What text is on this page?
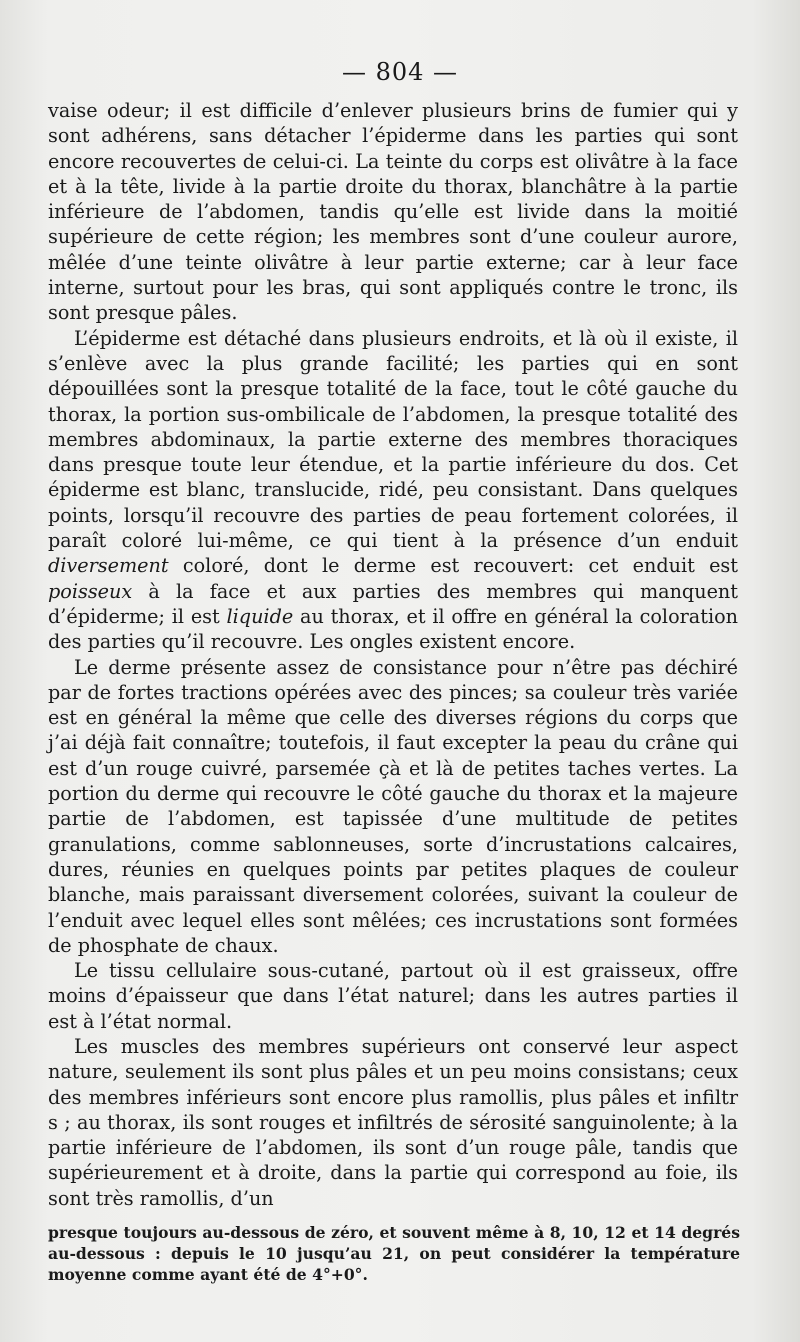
— 804 —

vaise odeur; il est difficile d’enlever plusieurs brins de fumier qui y sont adhérens, sans détacher l’épiderme dans les parties qui sont encore recouvertes de celui-ci. La teinte du corps est olivâtre à la face et à la tête, livide à la partie droite du thorax, blanchâtre à la partie inférieure de l’abdomen, tandis qu’elle est livide dans la moitié supérieure de cette région; les membres sont d’une couleur aurore, mêlée d’une teinte olivâtre à leur partie externe; car à leur face interne, surtout pour les bras, qui sont appliqués contre le tronc, ils sont presque pâles.

L’épiderme est détaché dans plusieurs endroits, et là où il existe, il s’enlève avec la plus grande facilité; les parties qui en sont dépouillées sont la presque totalité de la face, tout le côté gauche du thorax, la portion sus-ombilicale de l’abdomen, la presque totalité des membres abdominaux, la partie externe des membres thoraciques dans presque toute leur étendue, et la partie inférieure du dos. Cet épiderme est blanc, translucide, ridé, peu consistant. Dans quelques points, lorsqu’il recouvre des parties de peau fortement colorées, il paraît coloré lui-même, ce qui tient à la présence d’un enduit diversement coloré, dont le derme est recouvert: cet enduit est poisseux à la face et aux parties des membres qui manquent d’épiderme; il est liquide au thorax, et il offre en général la coloration des parties qu’il recouvre. Les ongles existent encore.

Le derme présente assez de consistance pour n’être pas déchiré par de fortes tractions opérées avec des pinces; sa couleur très variée est en général la même que celle des diverses régions du corps que j’ai déjà fait connaître; toutefois, il faut excepter la peau du crâne qui est d’un rouge cuivré, parsemée çà et là de petites taches vertes. La portion du derme qui recouvre le côté gauche du thorax et la majeure partie de l’abdomen, est tapissée d’une multitude de petites granulations, comme sablonneuses, sorte d’incrustations calcaires, dures, réunies en quelques points par petites plaques de couleur blanche, mais paraissant diversement colorées, suivant la couleur de l’enduit avec lequel elles sont mêlées; ces incrustations sont formées de phosphate de chaux.

Le tissu cellulaire sous-cutané, partout où il est graisseux, offre moins d’épaisseur que dans l’état naturel; dans les autres parties il est à l’état normal.

Les muscles des membres supérieurs ont conservé leur aspect nature, seulement ils sont plus pâles et un peu moins consistans; ceux des membres inférieurs sont encore plus ramollis, plus pâles et infiltr s ; au thorax, ils sont rouges et infiltrés de sérosité sanguinolente; à la partie inférieure de l’abdomen, ils sont d’un rouge pâle, tandis que supérieurement et à droite, dans la partie qui correspond au foie, ils sont très ramollis, d’un

presque toujours au-dessous de zéro, et souvent même à 8, 10, 12 et 14 degrés au-dessous : depuis le 10 jusqu’au 21, on peut considérer la température moyenne comme ayant été de 4°+0°.
